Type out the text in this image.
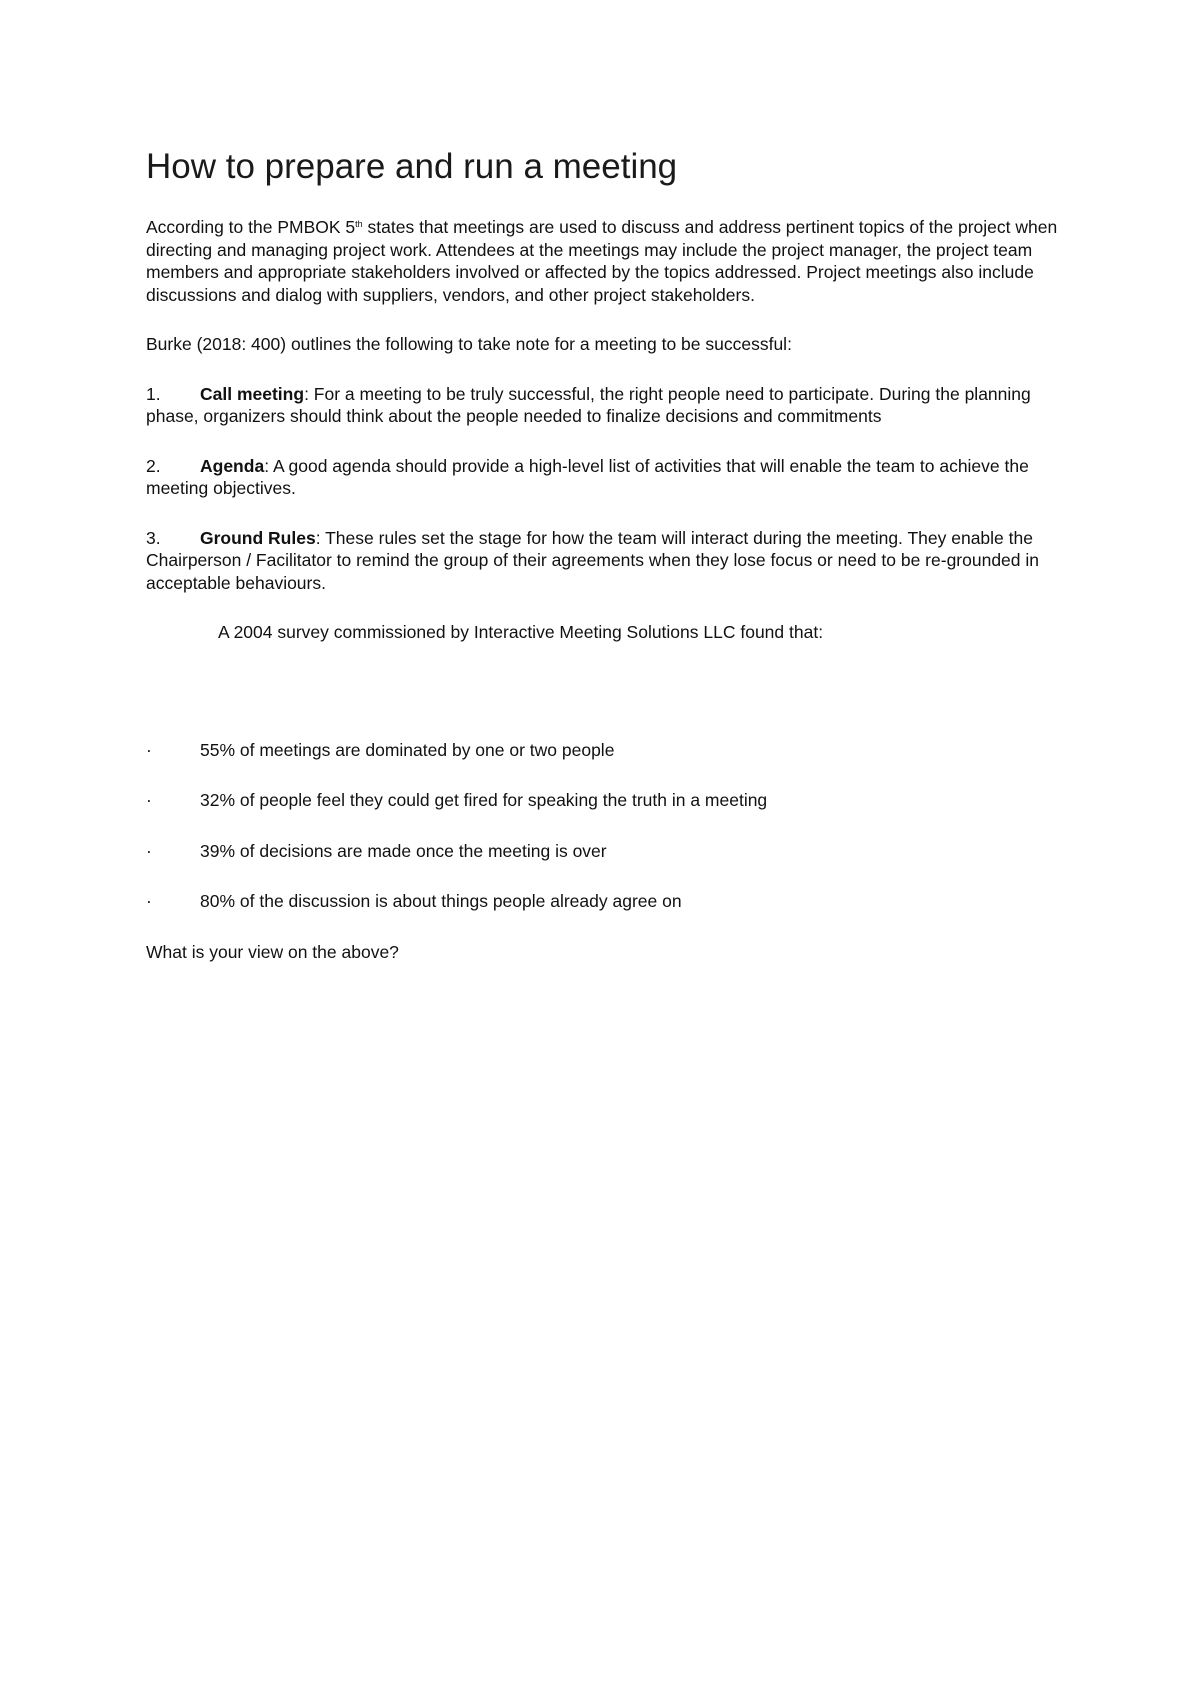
How to prepare and run a meeting

According to the PMBOK 5th states that meetings are used to discuss and address pertinent topics of the project when directing and managing project work. Attendees at the meetings may include the project manager, the project team members and appropriate stakeholders involved or affected by the topics addressed. Project meetings also include discussions and dialog with suppliers, vendors, and other project stakeholders.

Burke (2018: 400) outlines the following to take note for a meeting to be successful:

1. Call meeting: For a meeting to be truly successful, the right people need to participate. During the planning phase, organizers should think about the people needed to finalize decisions and commitments

2. Agenda: A good agenda should provide a high-level list of activities that will enable the team to achieve the meeting objectives.

3. Ground Rules: These rules set the stage for how the team will interact during the meeting. They enable the Chairperson / Facilitator to remind the group of their agreements when they lose focus or need to be re-grounded in acceptable behaviours.

A 2004 survey commissioned by Interactive Meeting Solutions LLC found that:

·	55% of meetings are dominated by one or two people

·	32% of people feel they could get fired for speaking the truth in a meeting

·	39% of decisions are made once the meeting is over

·	80% of the discussion is about things people already agree on

What is your view on the above?
